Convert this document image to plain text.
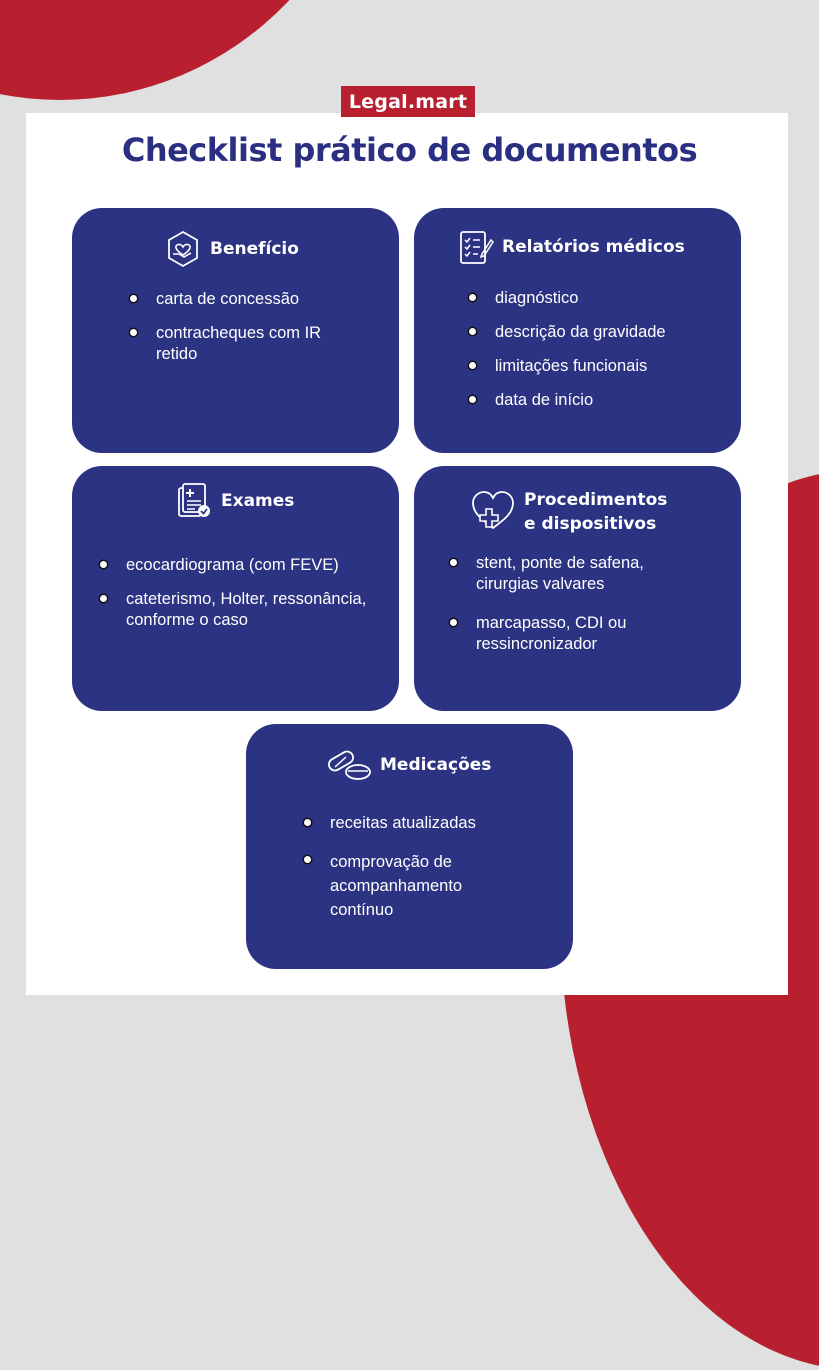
Legal .mart
Checklist prático de documentos
Benefício
carta de concessão
contracheques com IR retido
Relatórios médicos
diagnóstico
descrição da gravidade
limitações funcionais
data de início
Exames
ecocardiograma (com FEVE)
cateterismo, Holter, ressonância, conforme o caso
Procedimentos
e dispositivos
stent, ponte de safena, cirurgias valvares
marcapasso, CDI ou ressincronizador
Medicações
receitas atualizadas
comprovação de acompanhamento contínuo
